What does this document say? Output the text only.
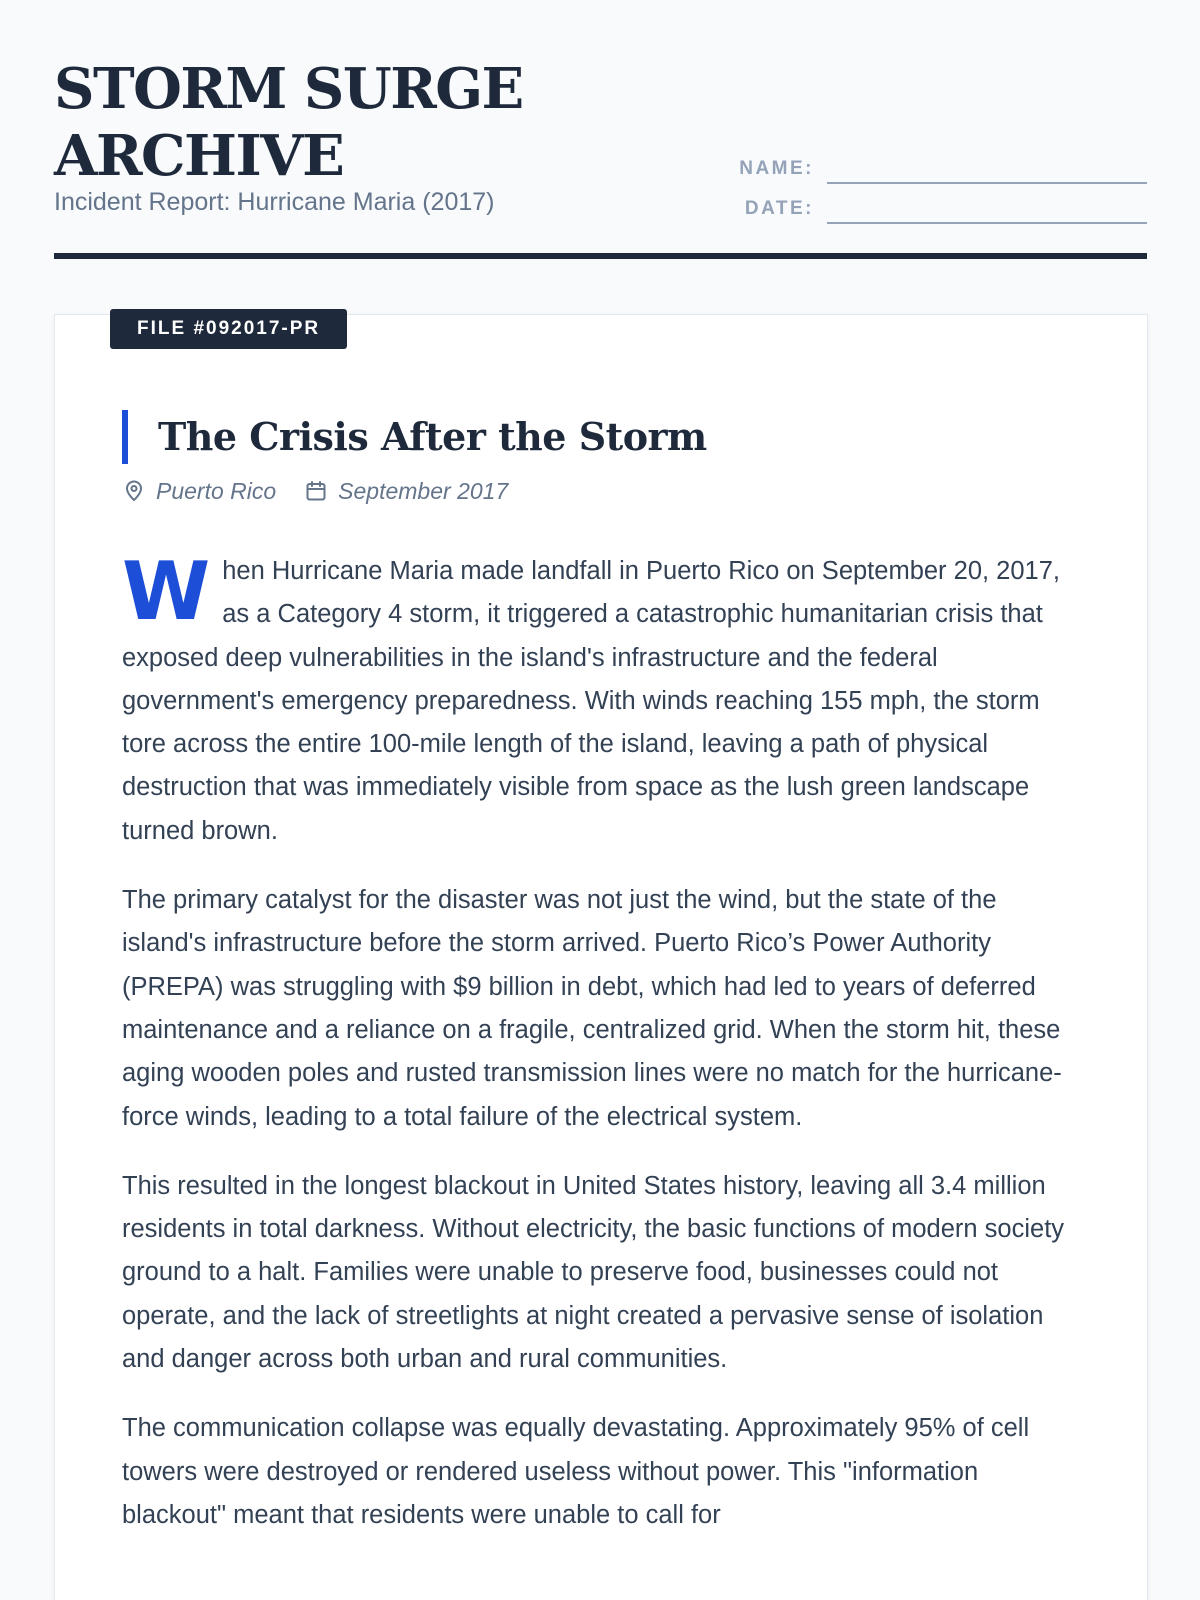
STORM SURGE ARCHIVE
Incident Report: Hurricane Maria (2017)
NAME:
DATE:
FILE #092017-PR
The Crisis After the Storm
Puerto Rico	September 2017

When Hurricane Maria made landfall in Puerto Rico on September 20, 2017, as a Category 4 storm, it triggered a catastrophic humanitarian crisis that exposed deep vulnerabilities in the island's infrastructure and the federal government's emergency preparedness. With winds reaching 155 mph, the storm tore across the entire 100-mile length of the island, leaving a path of physical destruction that was immediately visible from space as the lush green landscape turned brown.

The primary catalyst for the disaster was not just the wind, but the state of the island's infrastructure before the storm arrived. Puerto Rico’s Power Authority (PREPA) was struggling with $9 billion in debt, which had led to years of deferred maintenance and a reliance on a fragile, centralized grid. When the storm hit, these aging wooden poles and rusted transmission lines were no match for the hurricane-force winds, leading to a total failure of the electrical system.

This resulted in the longest blackout in United States history, leaving all 3.4 million residents in total darkness. Without electricity, the basic functions of modern society ground to a halt. Families were unable to preserve food, businesses could not operate, and the lack of streetlights at night created a pervasive sense of isolation and danger across both urban and rural communities.

The communication collapse was equally devastating. Approximately 95% of cell towers were destroyed or rendered useless without power. This "information blackout" meant that residents were unable to call for
